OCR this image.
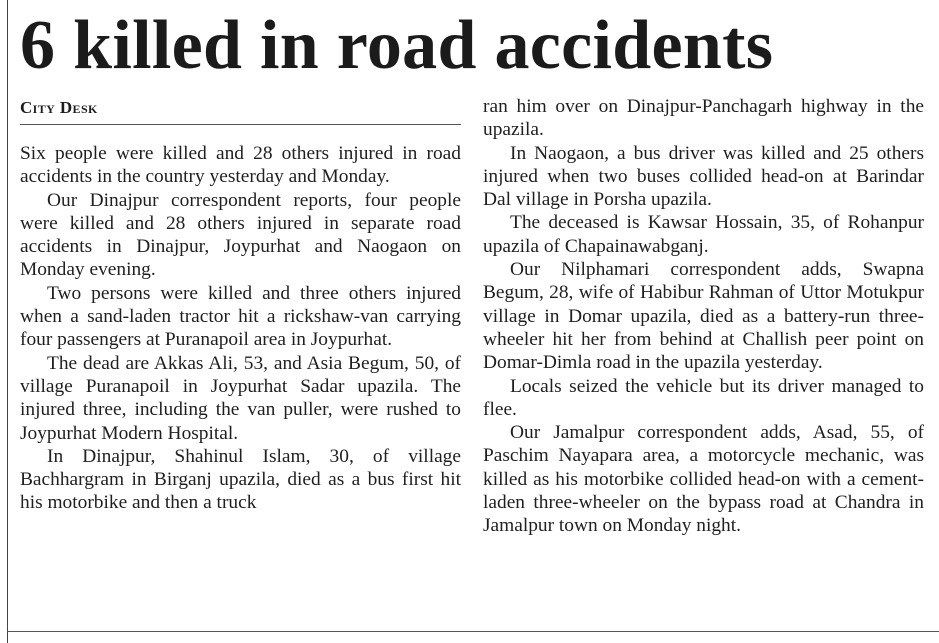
6 killed in road accidents
City Desk

Six people were killed and 28 others injured in road accidents in the country yesterday and Monday.

Our Dinajpur correspondent reports, four people were killed and 28 others injured in separate road accidents in Dinajpur, Joypurhat and Naogaon on Monday evening.

Two persons were killed and three others injured when a sand-laden tractor hit a rickshaw-van carrying four passengers at Puranapoil area in Joypurhat.

The dead are Akkas Ali, 53, and Asia Begum, 50, of village Puranapoil in Joypurhat Sadar upazila. The injured three, including the van puller, were rushed to Joypurhat Modern Hospital.

In Dinajpur, Shahinul Islam, 30, of village Bachhargram in Birganj upazila, died as a bus first hit his motorbike and then a truck

ran him over on Dinajpur-Panchagarh highway in the upazila.

In Naogaon, a bus driver was killed and 25 others injured when two buses collided head-on at Barindar Dal village in Porsha upazila.

The deceased is Kawsar Hossain, 35, of Rohanpur upazila of Chapainawabganj.

Our Nilphamari correspondent adds, Swapna Begum, 28, wife of Habibur Rahman of Uttor Motukpur village in Domar upazila, died as a battery-run three-wheeler hit her from behind at Challish peer point on Domar-Dimla road in the upazila yesterday.

Locals seized the vehicle but its driver managed to flee.

Our Jamalpur correspondent adds, Asad, 55, of Paschim Nayapara area, a motorcycle mechanic, was killed as his motorbike collided head-on with a cement-laden three-wheeler on the bypass road at Chandra in Jamalpur town on Monday night.
